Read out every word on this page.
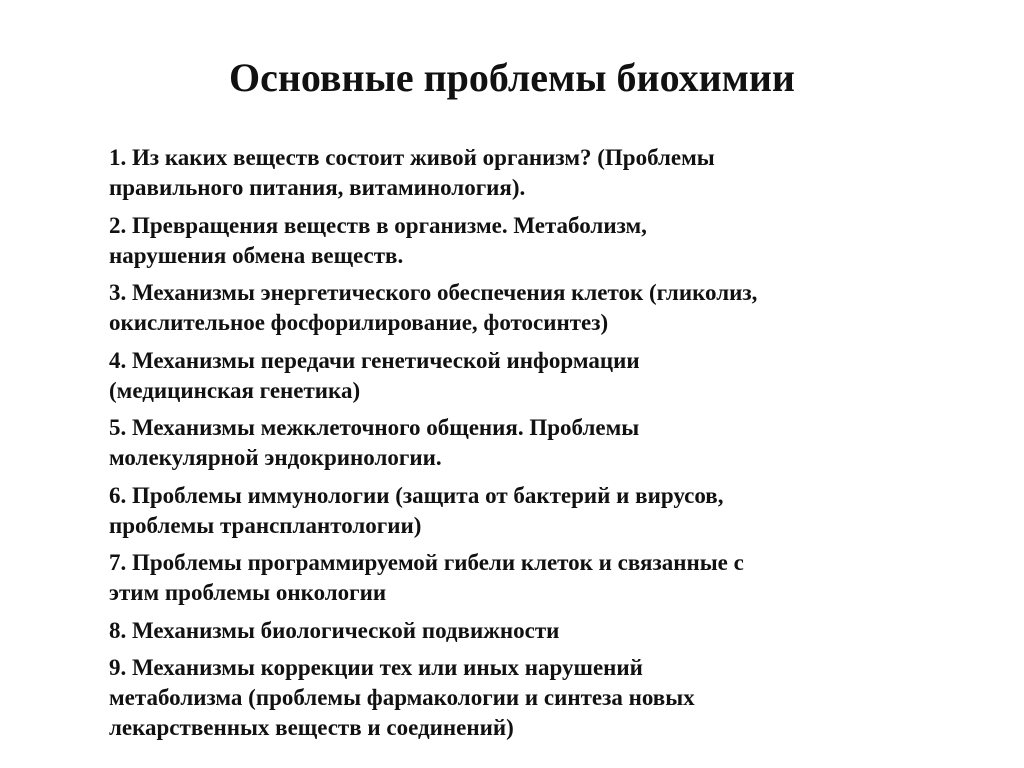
Основные проблемы биохимии
1. Из каких веществ состоит живой организм? (Проблемы
правильного питания, витаминология).
2. Превращения веществ в организме. Метаболизм,
нарушения обмена веществ.
3. Механизмы энергетического обеспечения клеток (гликолиз,
окислительное фосфорилирование, фотосинтез)
4. Механизмы передачи генетической информации
(медицинская генетика)
5. Механизмы межклеточного общения. Проблемы
молекулярной эндокринологии.
6. Проблемы иммунологии (защита от бактерий и вирусов,
проблемы трансплантологии)
7. Проблемы программируемой гибели клеток и связанные с
этим проблемы онкологии
8. Механизмы биологической подвижности
9. Механизмы коррекции тех или иных нарушений
метаболизма (проблемы фармакологии и синтеза новых
лекарственных веществ и соединений)
